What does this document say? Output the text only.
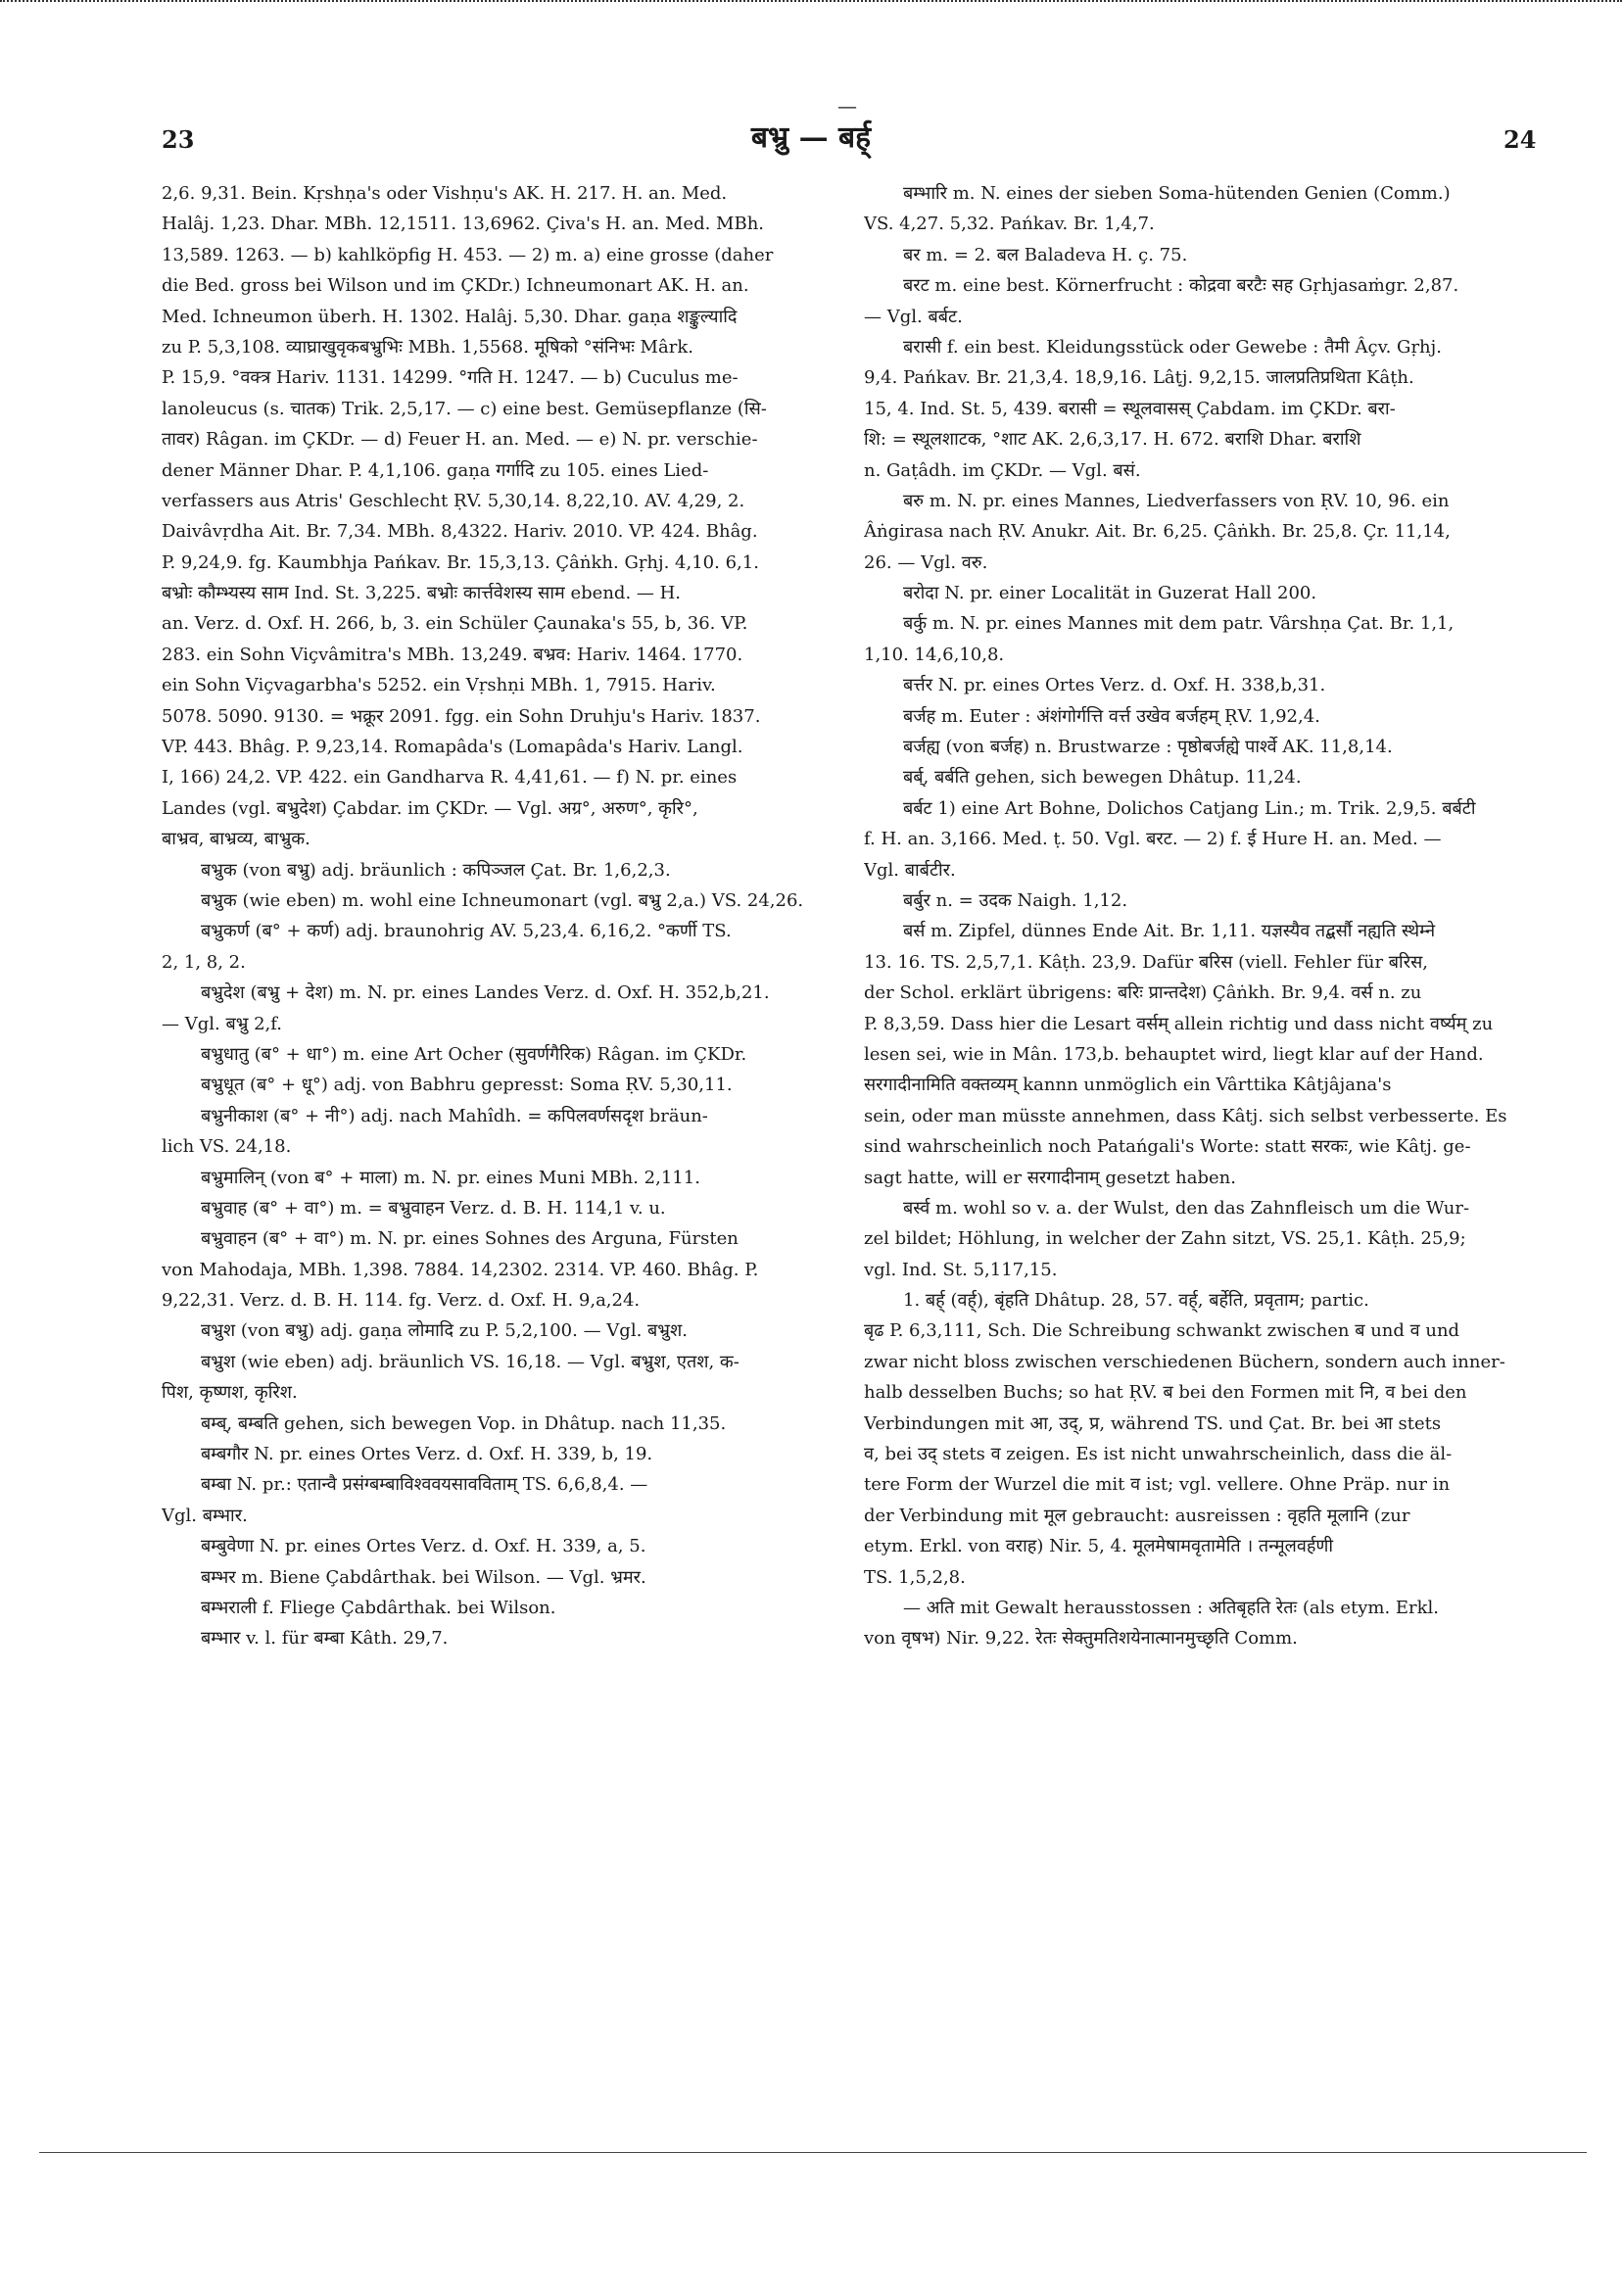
23
—
बभ्रु — बर्ह्	24
2,6. 9,31. Bein. Kṛshṇa's oder Vishṇu's AK. H. 217. H. an. Med.
Halâj. 1,23. Dhar. MBh. 12,1511. 13,6962. Çiva's H. an. Med. MBh.
13,589. 1263. — b) kahlköpfig H. 453. — 2) m. a) eine grosse (daher
die Bed. gross bei Wilson und im ÇKDr.) Ichneumonart AK. H. an.
Med. Ichneumon überh. H. 1302. Halâj. 5,30. Dhar. gaṇa शङ्कुल्यादि
zu P. 5,3,108. व्याघ्राखुवृकबभ्रुभिः MBh. 1,5568. मूषिको °संनिभः Mârk.
P. 15,9. °वक्त्र Hariv. 1131. 14299. °गति H. 1247. — b) Cuculus me-
lanoleucus (s. चातक) Trik. 2,5,17. — c) eine best. Gemüsepflanze (सि-
तावर) Râgan. im ÇKDr. — d) Feuer H. an. Med. — e) N. pr. verschie-
dener Männer Dhar. P. 4,1,106. gaṇa गर्गादि zu 105. eines Lied-
verfassers aus Atris' Geschlecht ṚV. 5,30,14. 8,22,10. AV. 4,29, 2.
Daivâvṛdha Ait. Br. 7,34. MBh. 8,4322. Hariv. 2010. VP. 424. Bhâg.
P. 9,24,9. fg. Kaumbhja Pańkav. Br. 15,3,13. Çâṅkh. Gṛhj. 4,10. 6,1.
बभ्रोः कौम्भ्यस्य साम Ind. St. 3,225. बभ्रोः कार्त्तवेशस्य साम ebend. — H.
an. Verz. d. Oxf. H. 266, b, 3. ein Schüler Çaunaka's 55, b, 36. VP.
283. ein Sohn Viçvâmitra's MBh. 13,249. बभ्रव: Hariv. 1464. 1770.
ein Sohn Viçvagarbha's 5252. ein Vṛshṇi MBh. 1, 7915. Hariv.
5078. 5090. 9130. = भक्रूर 2091. fgg. ein Sohn Druhju's Hariv. 1837.
VP. 443. Bhâg. P. 9,23,14. Romapâda's (Lomapâda's Hariv. Langl.
I, 166) 24,2. VP. 422. ein Gandharva R. 4,41,61. — f) N. pr. eines
Landes (vgl. बभ्रुदेश) Çabdar. im ÇKDr. — Vgl. अग्र°, अरुण°, कृरि°,
बाभ्रव, बाभ्रव्य, बाभ्रुक.
बभ्रुक (von बभ्रु) adj. bräunlich : कपिञ्जल Çat. Br. 1,6,2,3.
बभ्रुक (wie eben) m. wohl eine Ichneumonart (vgl. बभ्रु 2,a.) VS. 24,26.
बभ्रुकर्ण (ब° + कर्ण) adj. braunohrig AV. 5,23,4. 6,16,2. °कर्णी TS.
2, 1, 8, 2.
बभ्रुदेश (बभ्रु + देश) m. N. pr. eines Landes Verz. d. Oxf. H. 352,b,21.
— Vgl. बभ्रु 2,f.
बभ्रुधातु (ब° + धा°) m. eine Art Ocher (सुवर्णगैरिक) Râgan. im ÇKDr.
बभ्रुधूत (ब° + धू°) adj. von Babhru gepresst: Soma ṚV. 5,30,11.
बभ्रुनीकाश (ब° + नी°) adj. nach Mahîdh. = कपिलवर्णसदृश bräun-
lich VS. 24,18.
बभ्रुमालिन् (von ब° + माला) m. N. pr. eines Muni MBh. 2,111.
बभ्रुवाह (ब° + वा°) m. = बभ्रुवाहन Verz. d. B. H. 114,1 v. u.
बभ्रुवाहन (ब° + वा°) m. N. pr. eines Sohnes des Arguna, Fürsten
von Mahodaja, MBh. 1,398. 7884. 14,2302. 2314. VP. 460. Bhâg. P.
9,22,31. Verz. d. B. H. 114. fg. Verz. d. Oxf. H. 9,a,24.
बभ्रुश (von बभ्रु) adj. gaṇa लोमादि zu P. 5,2,100. — Vgl. बभ्रुश.
बभ्रुश (wie eben) adj. bräunlich VS. 16,18. — Vgl. बभ्रुश, एतश, क-
पिश, कृष्णश, कृरिश.
बम्ब्, बम्बति gehen, sich bewegen Vop. in Dhâtup. nach 11,35.
बम्बगौर N. pr. eines Ortes Verz. d. Oxf. H. 339, b, 19.
बम्बा N. pr.: एतान्वै प्रसंग्बम्बाविश्ववयसावविताम् TS. 6,6,8,4. —
Vgl. बम्भार.
बम्बुवेणा N. pr. eines Ortes Verz. d. Oxf. H. 339, a, 5.
बम्भर m. Biene Çabdârthak. bei Wilson. — Vgl. भ्रमर.
बम्भराली f. Fliege Çabdârthak. bei Wilson.
बम्भार v. l. für बम्बा Kâth. 29,7.
बम्भारि m. N. eines der sieben Soma-hütenden Genien (Comm.)
VS. 4,27. 5,32. Pańkav. Br. 1,4,7.
बर m. = 2. बल Baladeva H. ç. 75.
बरट m. eine best. Körnerfrucht : कोद्रवा बरटैः सह Gṛhjasaṁgr. 2,87.
— Vgl. बर्बट.
बरासी f. ein best. Kleidungsstück oder Gewebe : तैमी Âçv. Gṛhj.
9,4. Pańkav. Br. 21,3,4. 18,9,16. Lâṭj. 9,2,15. जालप्रतिप्रथिता Kâṭh.
15, 4. Ind. St. 5, 439. बरासी = स्थूलवासस् Çabdam. im ÇKDr. बरा-
शि: = स्थूलशाटक, °शाट AK. 2,6,3,17. H. 672. बराशि Dhar. बराशि
n. Gaṭâdh. im ÇKDr. — Vgl. बसं.
बरु m. N. pr. eines Mannes, Liedverfassers von ṚV. 10, 96. ein
Âṅgirasa nach ṚV. Anukr. Ait. Br. 6,25. Çâṅkh. Br. 25,8. Çr. 11,14,
26. — Vgl. वरु.
बरोदा N. pr. einer Localität in Guzerat Hall 200.
बर्कु m. N. pr. eines Mannes mit dem patr. Vârshṇa Çat. Br. 1,1,
1,10. 14,6,10,8.
बर्त्तर N. pr. eines Ortes Verz. d. Oxf. H. 338,b,31.
बर्जह m. Euter : अंशंगोर्गत्ति वर्त्त उखेव बर्जहम् ṚV. 1,92,4.
बर्जह्य (von बर्जह) n. Brustwarze : पृष्ठोबर्जह्ये पार्श्वे AK. 11,8,14.
बर्ब्, बर्बति gehen, sich bewegen Dhâtup. 11,24.
बर्बट 1) eine Art Bohne, Dolichos Catjang Lin.; m. Trik. 2,9,5. बर्बटी
f. H. an. 3,166. Med. ṭ. 50. Vgl. बरट. — 2) f. ई Hure H. an. Med. —
Vgl. बार्बटीर.
बर्बुर n. = उदक Naigh. 1,12.
बर्स m. Zipfel, dünnes Ende Ait. Br. 1,11. यज्ञस्यैव तद्बर्सौ नह्यति स्थेम्ने
13. 16. TS. 2,5,7,1. Kâṭh. 23,9. Dafür बरिस (viell. Fehler für बरिस,
der Schol. erklärt übrigens: बरिः प्रान्तदेश) Çâṅkh. Br. 9,4. वर्स n. zu
P. 8,3,59. Dass hier die Lesart वर्सम् allein richtig und dass nicht वर्ष्यम् zu
lesen sei, wie in Mân. 173,b. behauptet wird, liegt klar auf der Hand.
सरगादीनामिति वक्तव्यम् kannn unmöglich ein Vârttika Kâtjâjana's
sein, oder man müsste annehmen, dass Kâtj. sich selbst verbesserte. Es
sind wahrscheinlich noch Patańgali's Worte: statt सरकः, wie Kâtj. ge-
sagt hatte, will er सरगादीनाम् gesetzt haben.
बर्स्व m. wohl so v. a. der Wulst, den das Zahnfleisch um die Wur-
zel bildet; Höhlung, in welcher der Zahn sitzt, VS. 25,1. Kâṭh. 25,9;
vgl. Ind. St. 5,117,15.
1. बर्ह् (वर्ह्), बृंहति Dhâtup. 28, 57. वर्ह्, बर्हेति, प्रवृताम; partic.
बृढ P. 6,3,111, Sch. Die Schreibung schwankt zwischen ब und व und
zwar nicht bloss zwischen verschiedenen Büchern, sondern auch inner-
halb desselben Buchs; so hat ṚV. ब bei den Formen mit नि, व bei den
Verbindungen mit आ, उद्, प्र, während TS. und Çat. Br. bei आ stets
व, bei उद् stets व zeigen. Es ist nicht unwahrscheinlich, dass die äl-
tere Form der Wurzel die mit व ist; vgl. vellere. Ohne Präp. nur in
der Verbindung mit मूल gebraucht: ausreissen : वृहति मूलानि (zur
etym. Erkl. von वराह) Nir. 5, 4. मूलमेषामवृतामेति । तन्मूलवर्हणी
TS. 1,5,2,8.
— अति mit Gewalt herausstossen : अतिबृहति रेतः (als etym. Erkl.
von वृषभ) Nir. 9,22. रेतः सेक्तुमतिशयेनात्मानमुच्छृति Comm.
